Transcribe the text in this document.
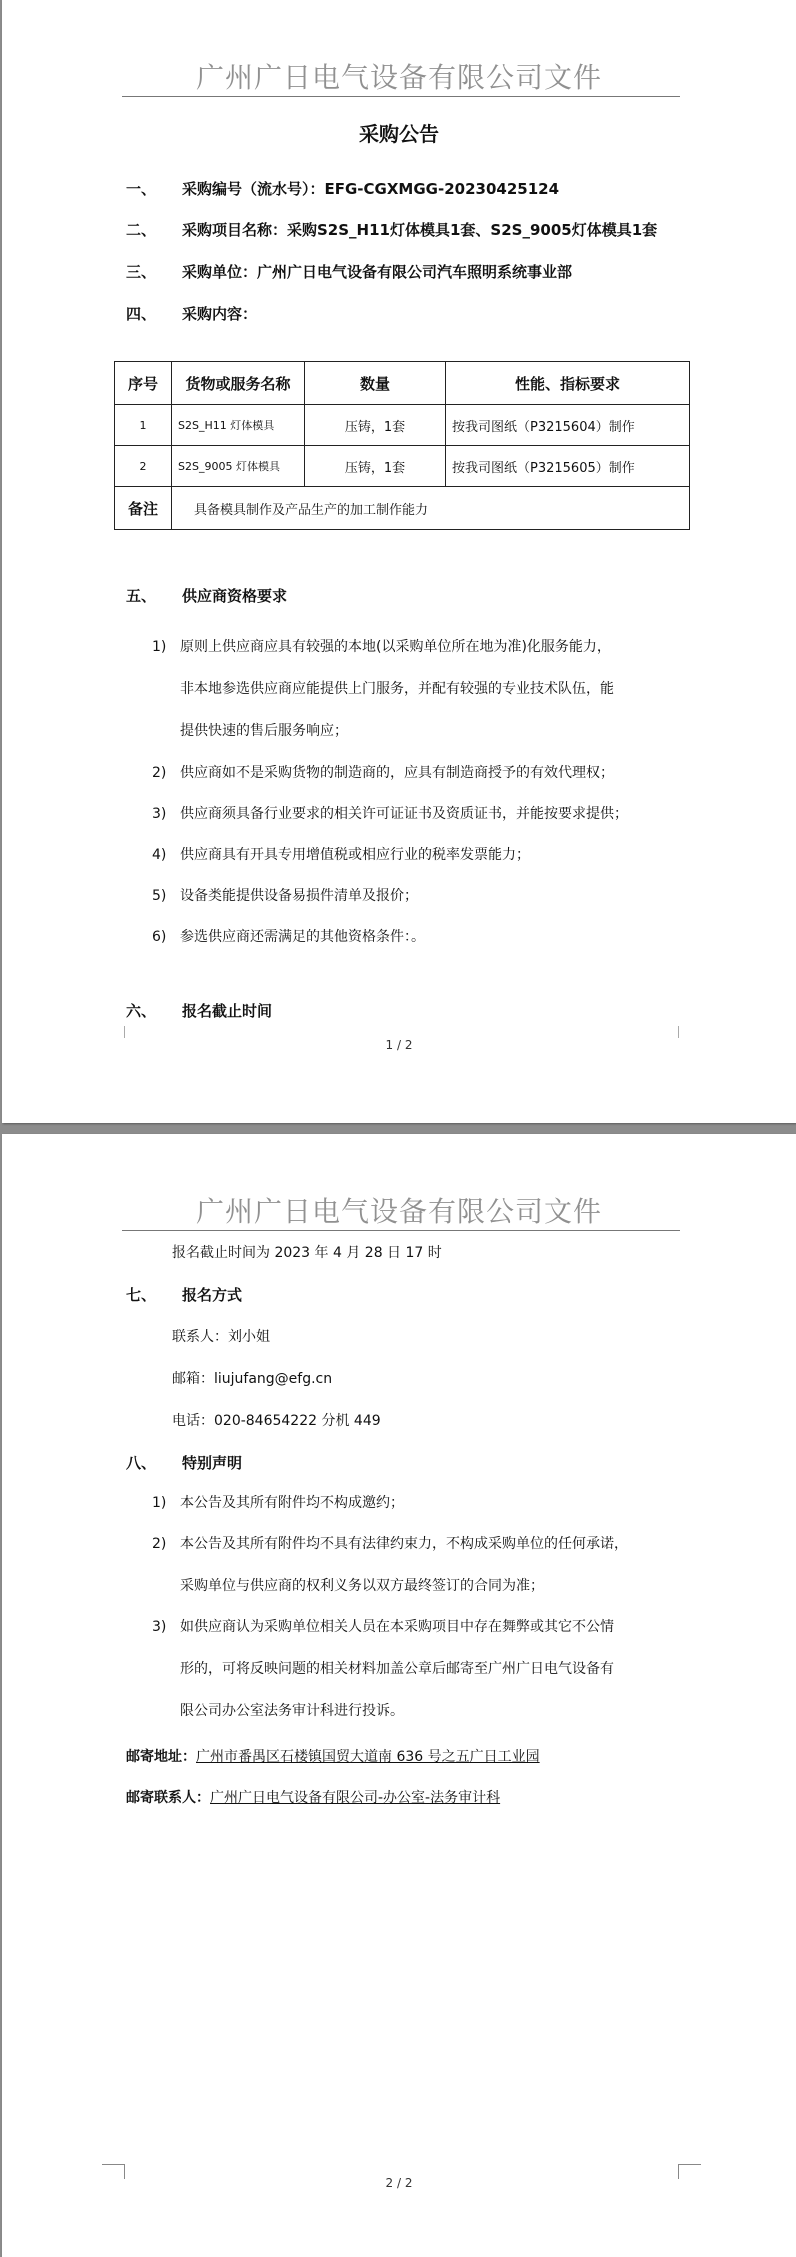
广州广日电气设备有限公司文件
采购公告
一、 采购编号（流水号）：EFG-CGXMGG-20230425124
二、 采购项目名称：采购S2S_H11灯体模具1套、S2S_9005灯体模具1套
三、 采购单位：广州广日电气设备有限公司汽车照明系统事业部
四、 采购内容：
序号	货物或服务名称	数量	性能、指标要求
1	S2S_H11 灯体模具	压铸，1套	按我司图纸（P3215604）制作
2	S2S_9005 灯体模具	压铸，1套	按我司图纸（P3215605）制作
备注	具备模具制作及产品生产的加工制作能力		
五、 供应商资格要求
1) 原则上供应商应具有较强的本地(以采购单位所在地为准)化服务能力，
非本地参选供应商应能提供上门服务，并配有较强的专业技术队伍，能
提供快速的售后服务响应；
2) 供应商如不是采购货物的制造商的，应具有制造商授予的有效代理权；
3) 供应商须具备行业要求的相关许可证证书及资质证书，并能按要求提供；
4) 供应商具有开具专用增值税或相应行业的税率发票能力；
5) 设备类能提供设备易损件清单及报价；
6) 参选供应商还需满足的其他资格条件：。
六、 报名截止时间
1 / 2
广州广日电气设备有限公司文件
报名截止时间为 2023 年 4 月 28 日 17 时
七、 报名方式
联系人：刘小姐
邮箱：liujufang@efg.cn
电话：020-84654222 分机 449
八、 特别声明
1) 本公告及其所有附件均不构成邀约；
2) 本公告及其所有附件均不具有法律约束力，不构成采购单位的任何承诺，
采购单位与供应商的权利义务以双方最终签订的合同为准；
3) 如供应商认为采购单位相关人员在本采购项目中存在舞弊或其它不公情
形的，可将反映问题的相关材料加盖公章后邮寄至广州广日电气设备有
限公司办公室法务审计科进行投诉。
邮寄地址：广州市番禺区石楼镇国贸大道南 636 号之五广日工业园
邮寄联系人：广州广日电气设备有限公司-办公室-法务审计科
2 / 2
